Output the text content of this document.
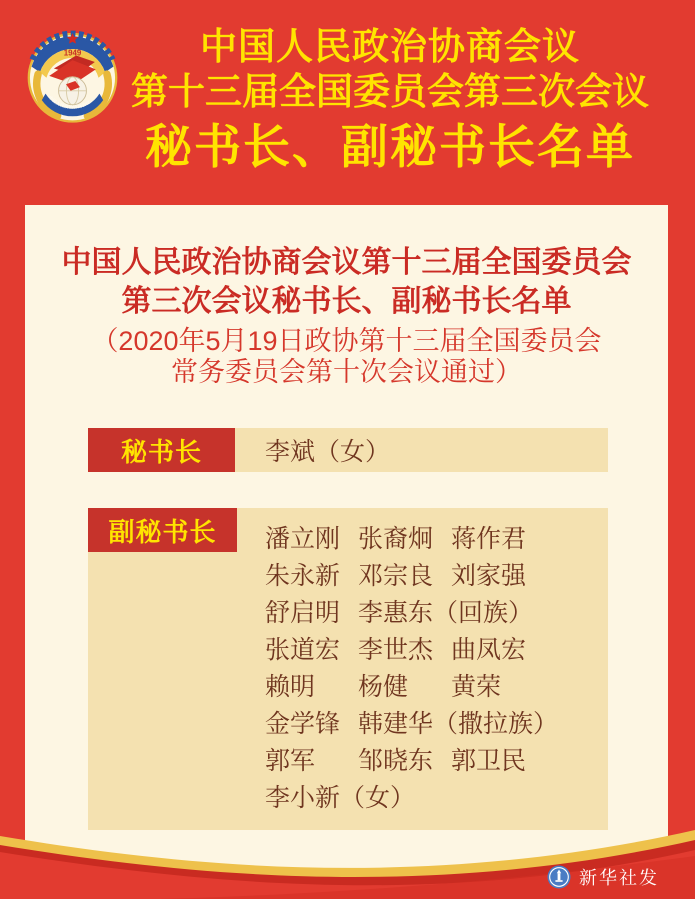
1949
中国人民政治协商会议
中国人民政治协商会议
第十三届全国委员会第三次会议
秘书长、副秘书长名单
中国人民政治协商会议第十三届全国委员会
第三次会议秘书长、副秘书长名单
（2020年5月19日政协第十三届全国委员会
常务委员会第十次会议通过）
秘书长	李斌（女）
副秘书长	潘立刚 张裔炯 蒋作君
朱永新 邓宗良 刘家强
舒启明 李惠东（回族）
张道宏 李世杰 曲凤宏
赖明	杨健	黄荣
金学锋 韩建华（撒拉族）
郭军	邹晓东 郭卫民
李小新（女）
新华社发
